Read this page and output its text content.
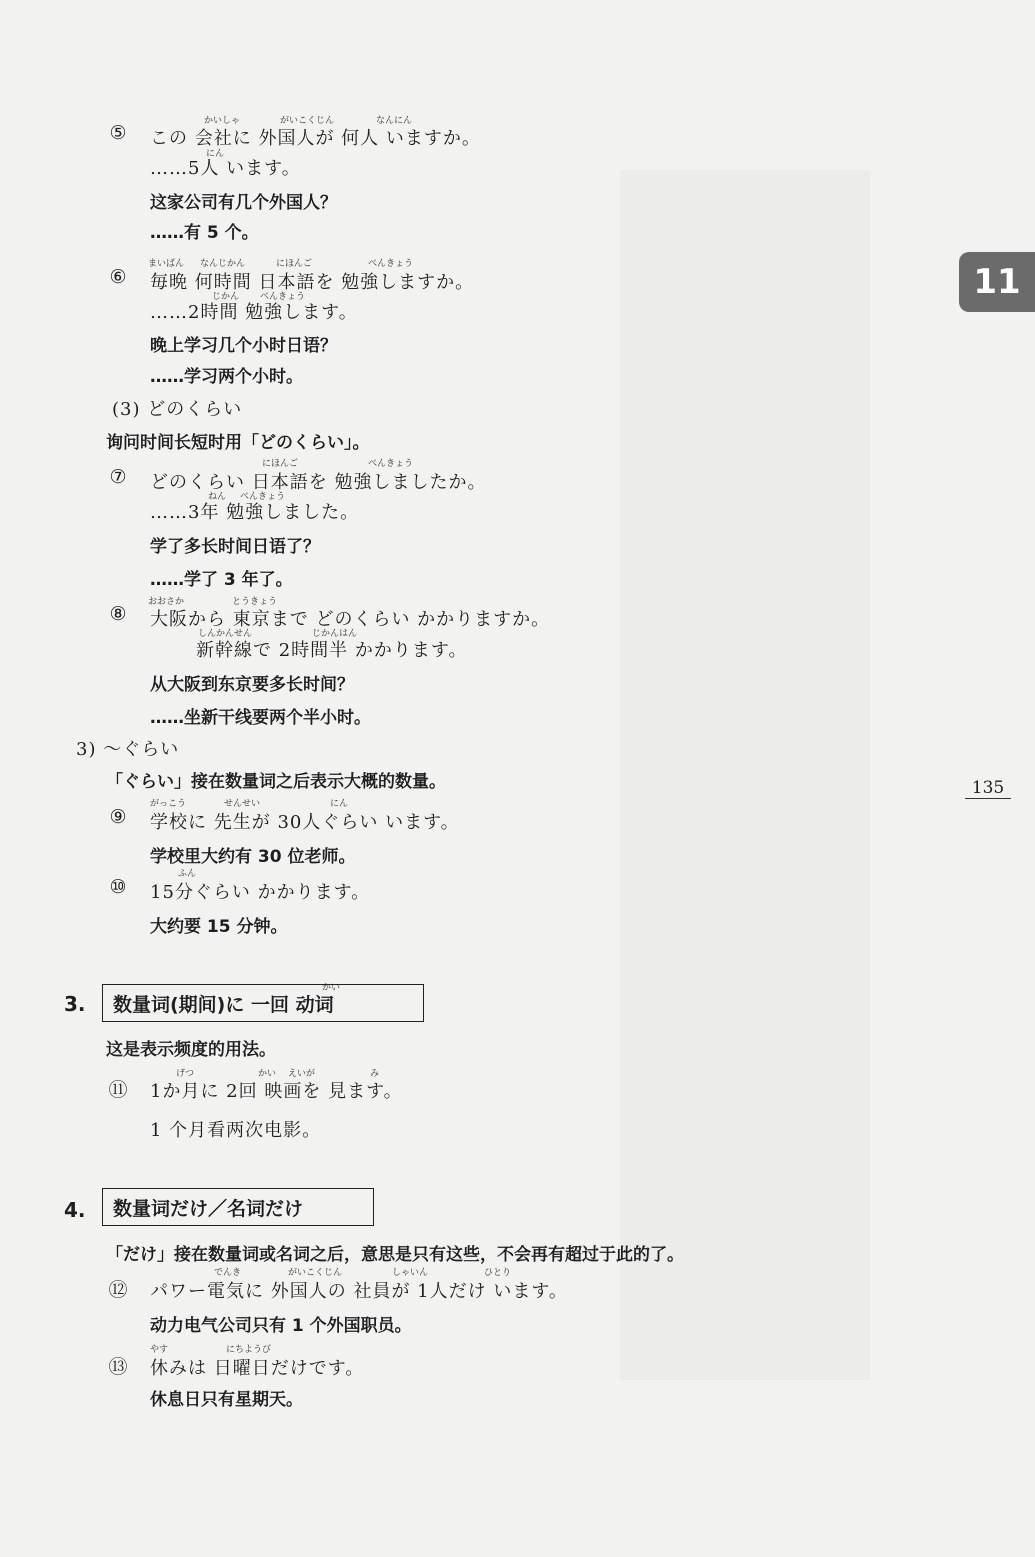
11
135
かいしゃ	がいこくじん	なんにん
⑤	この 会社に 外国人が 何人 いますか。
にん
……5人 います。
这家公司有几个外国人？
……有 5 个。
まいばん なんじかん	にほんご	べんきょう
⑥	毎晩 何時間 日本語を 勉強しますか。
じかん べんきょう
……2時間 勉強します。
晚上学习几个小时日语？
……学习两个小时。
(3) どのくらい
询问时间长短时用「どのくらい」。
にほんご	べんきょう
⑦	どのくらい 日本語を 勉強しましたか。
ねん べんきょう
……3年 勉強しました。
学了多长时间日语了？
……学了 3 年了。
おおさか	とうきょう
⑧	大阪から 東京まで どのくらい かかりますか。
しんかんせん	じかんはん
新幹線で 2時間半 かかります。
从大阪到东京要多长时间？
……坐新干线要两个半小时。
3) ～ぐらい
「ぐらい」接在数量词之后表示大概的数量。
がっこう	せんせい	にん
⑨	学校に 先生が 30人ぐらい います。
学校里大约有 30 位老师。
ふん
⑩	15分ぐらい かかります。
大约要 15 分钟。
3.
かい
数量词(期间)に 一回 动词
这是表示频度的用法。
げつ	かい えいが	み
⑪ 1か月に 2回 映画を 見ます。
1 个月看两次电影。
4.	数量词だけ／名词だけ
「だけ」接在数量词或名词之后，意思是只有这些，不会再有超过于此的了。
でんき	がいこくじん	しゃいん	ひとり
⑫ パワー電気に 外国人の 社員が 1人だけ います。
动力电气公司只有 1 个外国职员。
やす	にちようび
⑬ 休みは 日曜日だけです。
休息日只有星期天。
